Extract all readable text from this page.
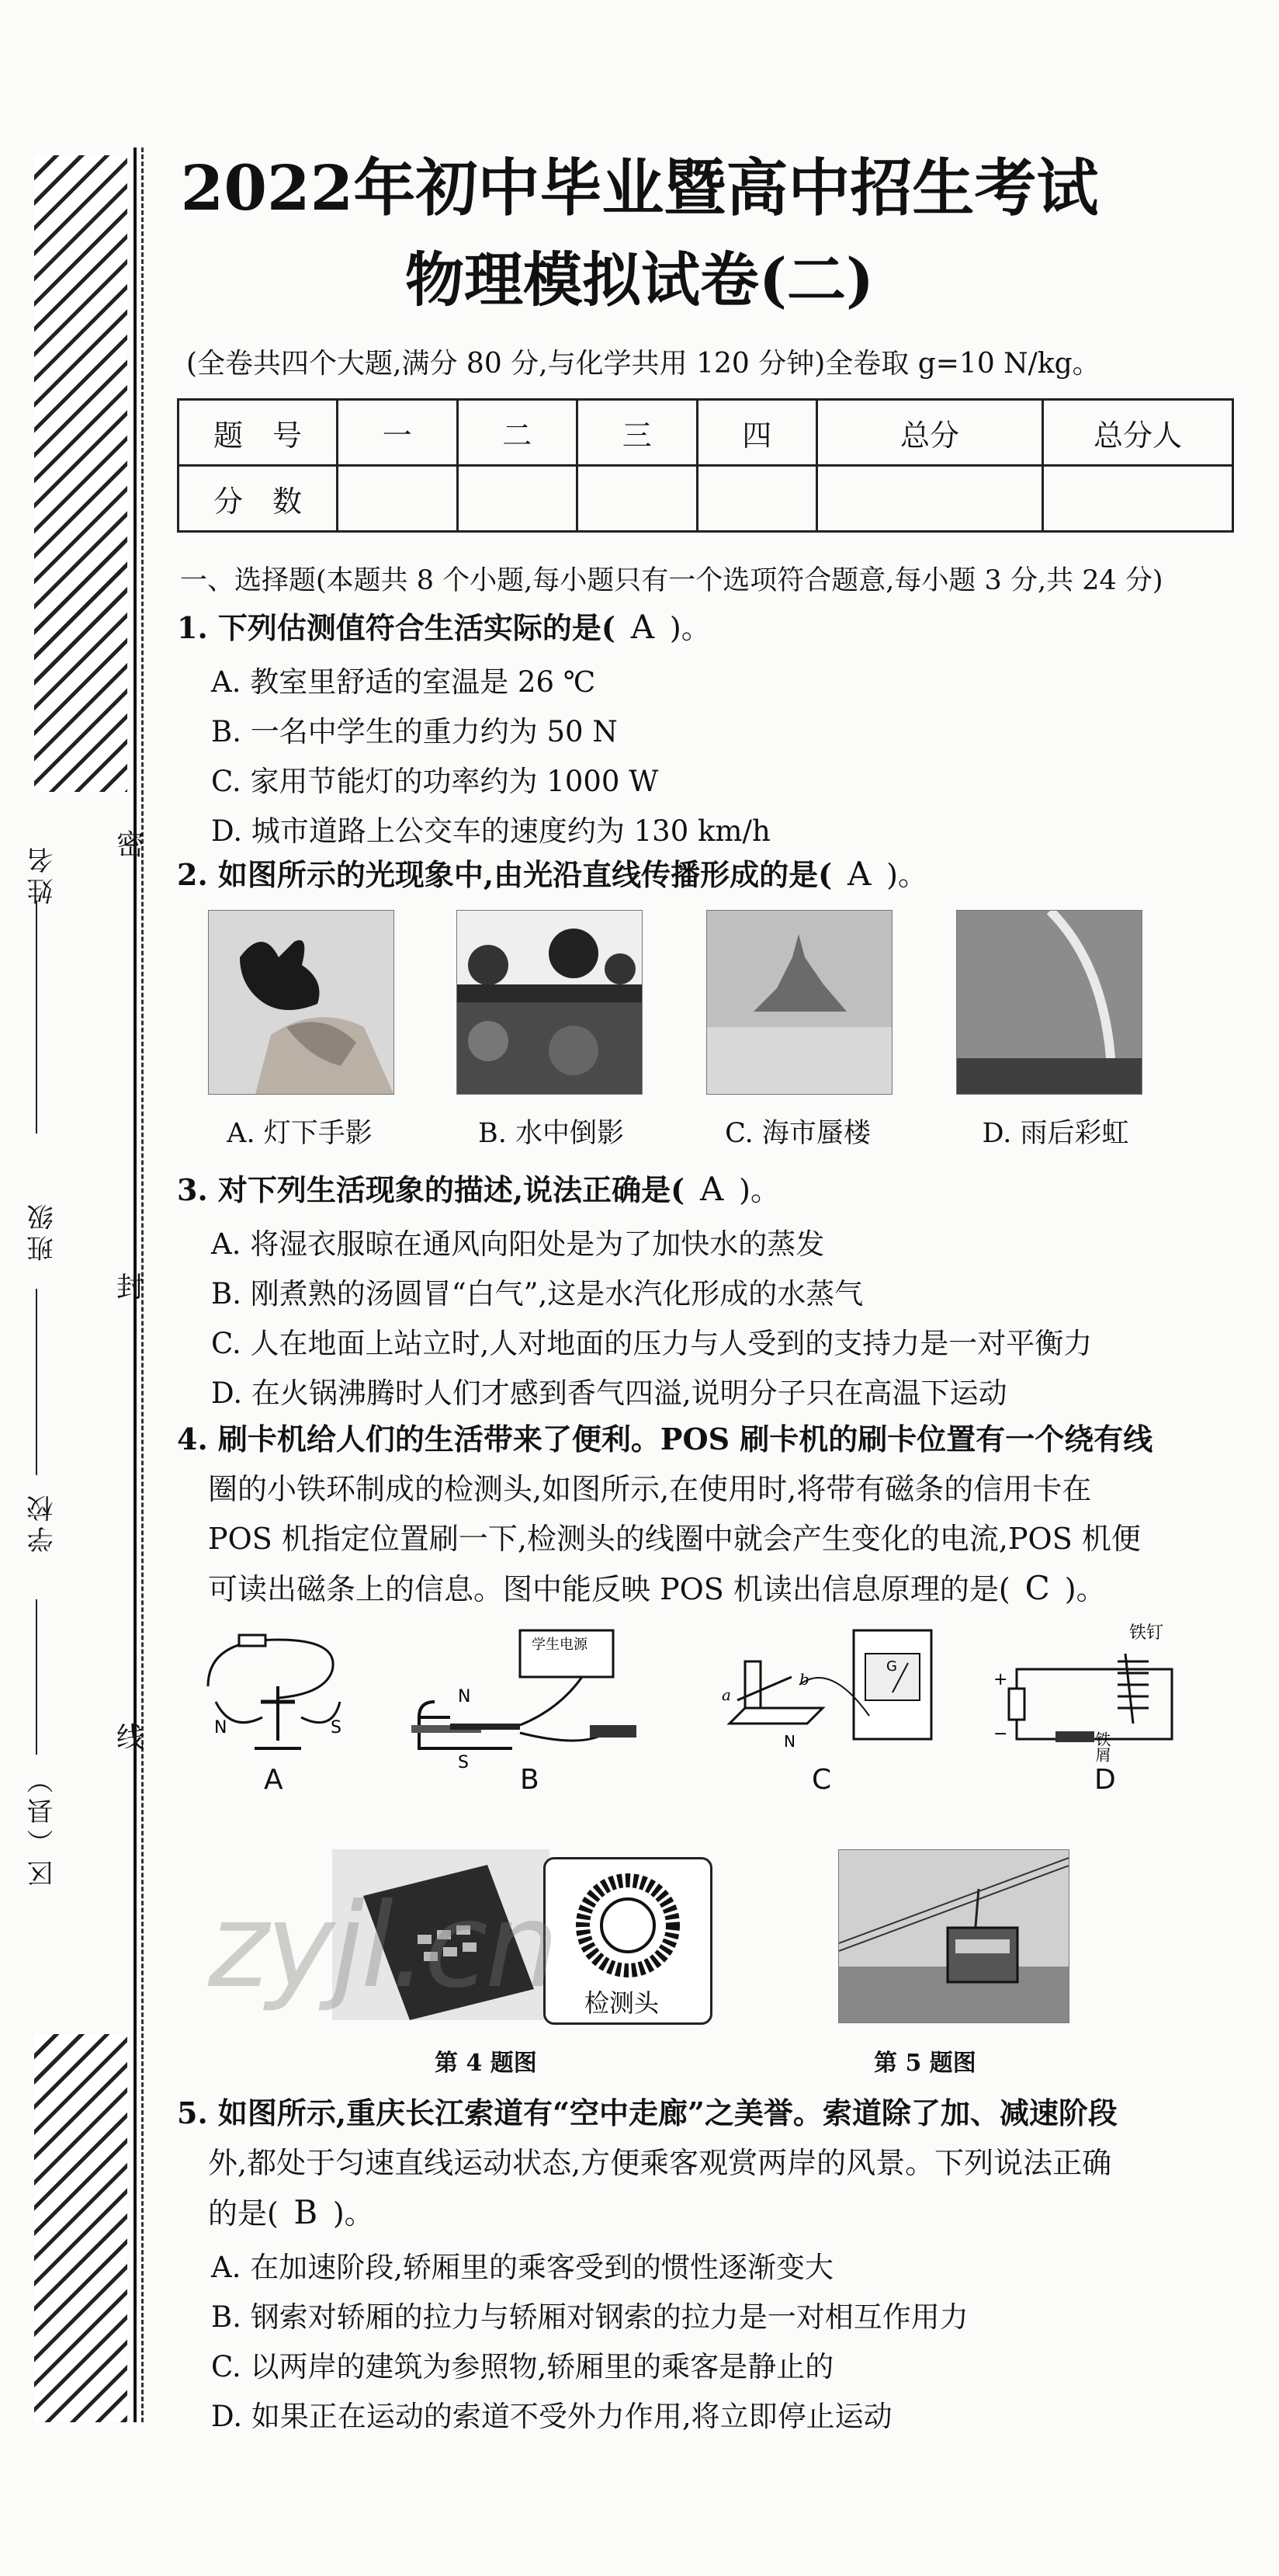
密
封
线
姓名
班级
学校
区（县）
2022年初中毕业暨高中招生考试
物理模拟试卷(二)
(全卷共四个大题,满分 80 分,与化学共用 120 分钟)全卷取 g=10 N/kg。
题　号	一	二	三	四	总分	总分人
分　数						
一、选择题(本题共 8 个小题,每小题只有一个选项符合题意,每小题 3 分,共 24 分)
1. 下列估测值符合生活实际的是( A )。
A. 教室里舒适的室温是 26 ℃
B. 一名中学生的重力约为 50 N
C. 家用节能灯的功率约为 1000 W
D. 城市道路上公交车的速度约为 130 km/h
2. 如图所示的光现象中,由光沿直线传播形成的是( A )。
A. 灯下手影	B. 水中倒影	C. 海市蜃楼	D. 雨后彩虹
3. 对下列生活现象的描述,说法正确是( A )。
A. 将湿衣服晾在通风向阳处是为了加快水的蒸发
B. 刚煮熟的汤圆冒“白气”,这是水汽化形成的水蒸气
C. 人在地面上站立时,人对地面的压力与人受到的支持力是一对平衡力
D. 在火锅沸腾时人们才感到香气四溢,说明分子只在高温下运动
4. 刷卡机给人们的生活带来了便利。POS 刷卡机的刷卡位置有一个绕有线
圈的小铁环制成的检测头,如图所示,在使用时,将带有磁条的信用卡在
POS 机指定位置刷一下,检测头的线圈中就会产生变化的电流,POS 机便
可读出磁条上的信息。图中能反映 POS 机读出信息原理的是( C )。
N	S
A
学生电源
N
S
B
G
a
b
N
C
+
−
铁钉
铁屑
D
检测头
第 4 题图	第 5 题图
zyjl.cn
5. 如图所示,重庆长江索道有“空中走廊”之美誉。索道除了加、减速阶段
外,都处于匀速直线运动状态,方便乘客观赏两岸的风景。下列说法正确
的是( B )。
A. 在加速阶段,轿厢里的乘客受到的惯性逐渐变大
B. 钢索对轿厢的拉力与轿厢对钢索的拉力是一对相互作用力
C. 以两岸的建筑为参照物,轿厢里的乘客是静止的
D. 如果正在运动的索道不受外力作用,将立即停止运动
